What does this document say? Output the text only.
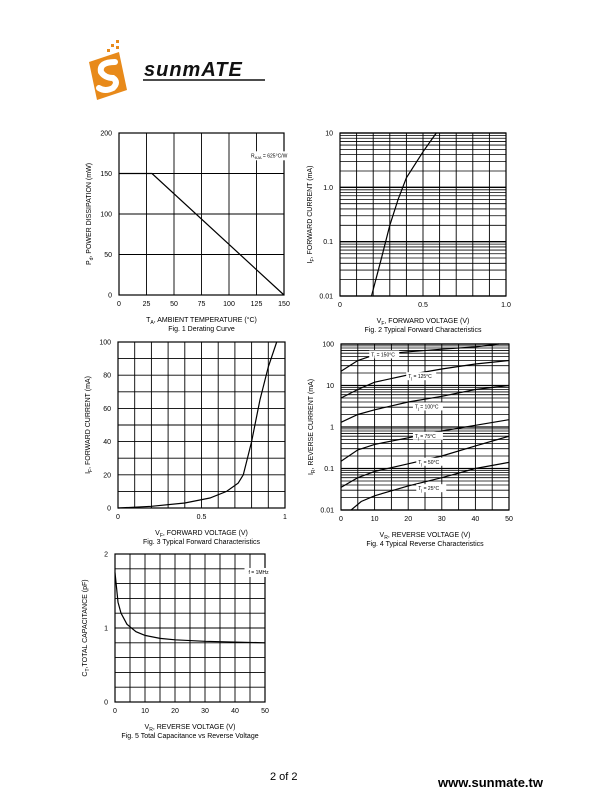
sunmATE
0	25	50	75	100 125 150
0
50
100
150
200
$T_A$, AMBIENT TEMPERATURE (°C)
$P_d$, POWER DISSIPATION (mW)
Fig. 1 Derating Curve
$R_{\theta JA} = 625^\circ C/W$
0	0.5	1.0
0.01
0.1
1.0
10
$V_F$, FORWARD VOLTAGE (V)
$I_F$, FORWARD CURRENT (mA)
Fig. 2 Typical Forward Characteristics
0	0.5	1
0
20
40
60
80
100
$V_F$, FORWARD VOLTAGE (V)
$I_F$, FORWARD CURRENT (mA)
Fig. 3 Typical Forward Characteristics
0	10	20	30	40	50
0.01
0.1
1
10
100
$V_R$, REVERSE VOLTAGE (V)
$I_R$, REVERSE CURRENT (mA)
Fig. 4 Typical Reverse Characteristics
$T_j = 150^\circ C$
$T_j = 125^\circ C$
$T_j = 100^\circ C$
$T_j = 75^\circ C$
$T_j = 50^\circ C$
$T_j = 25^\circ C$
0	10	20	30	40	50
0
1
2
$V_R$, REVERSE VOLTAGE (V)
$C_T,TOTAL$ CAPACITANCE (pF)
Fig. 5 Total Capacitance vs Reverse Voltage
f = 1MHz
2 of 2	www.sunmate.tw
